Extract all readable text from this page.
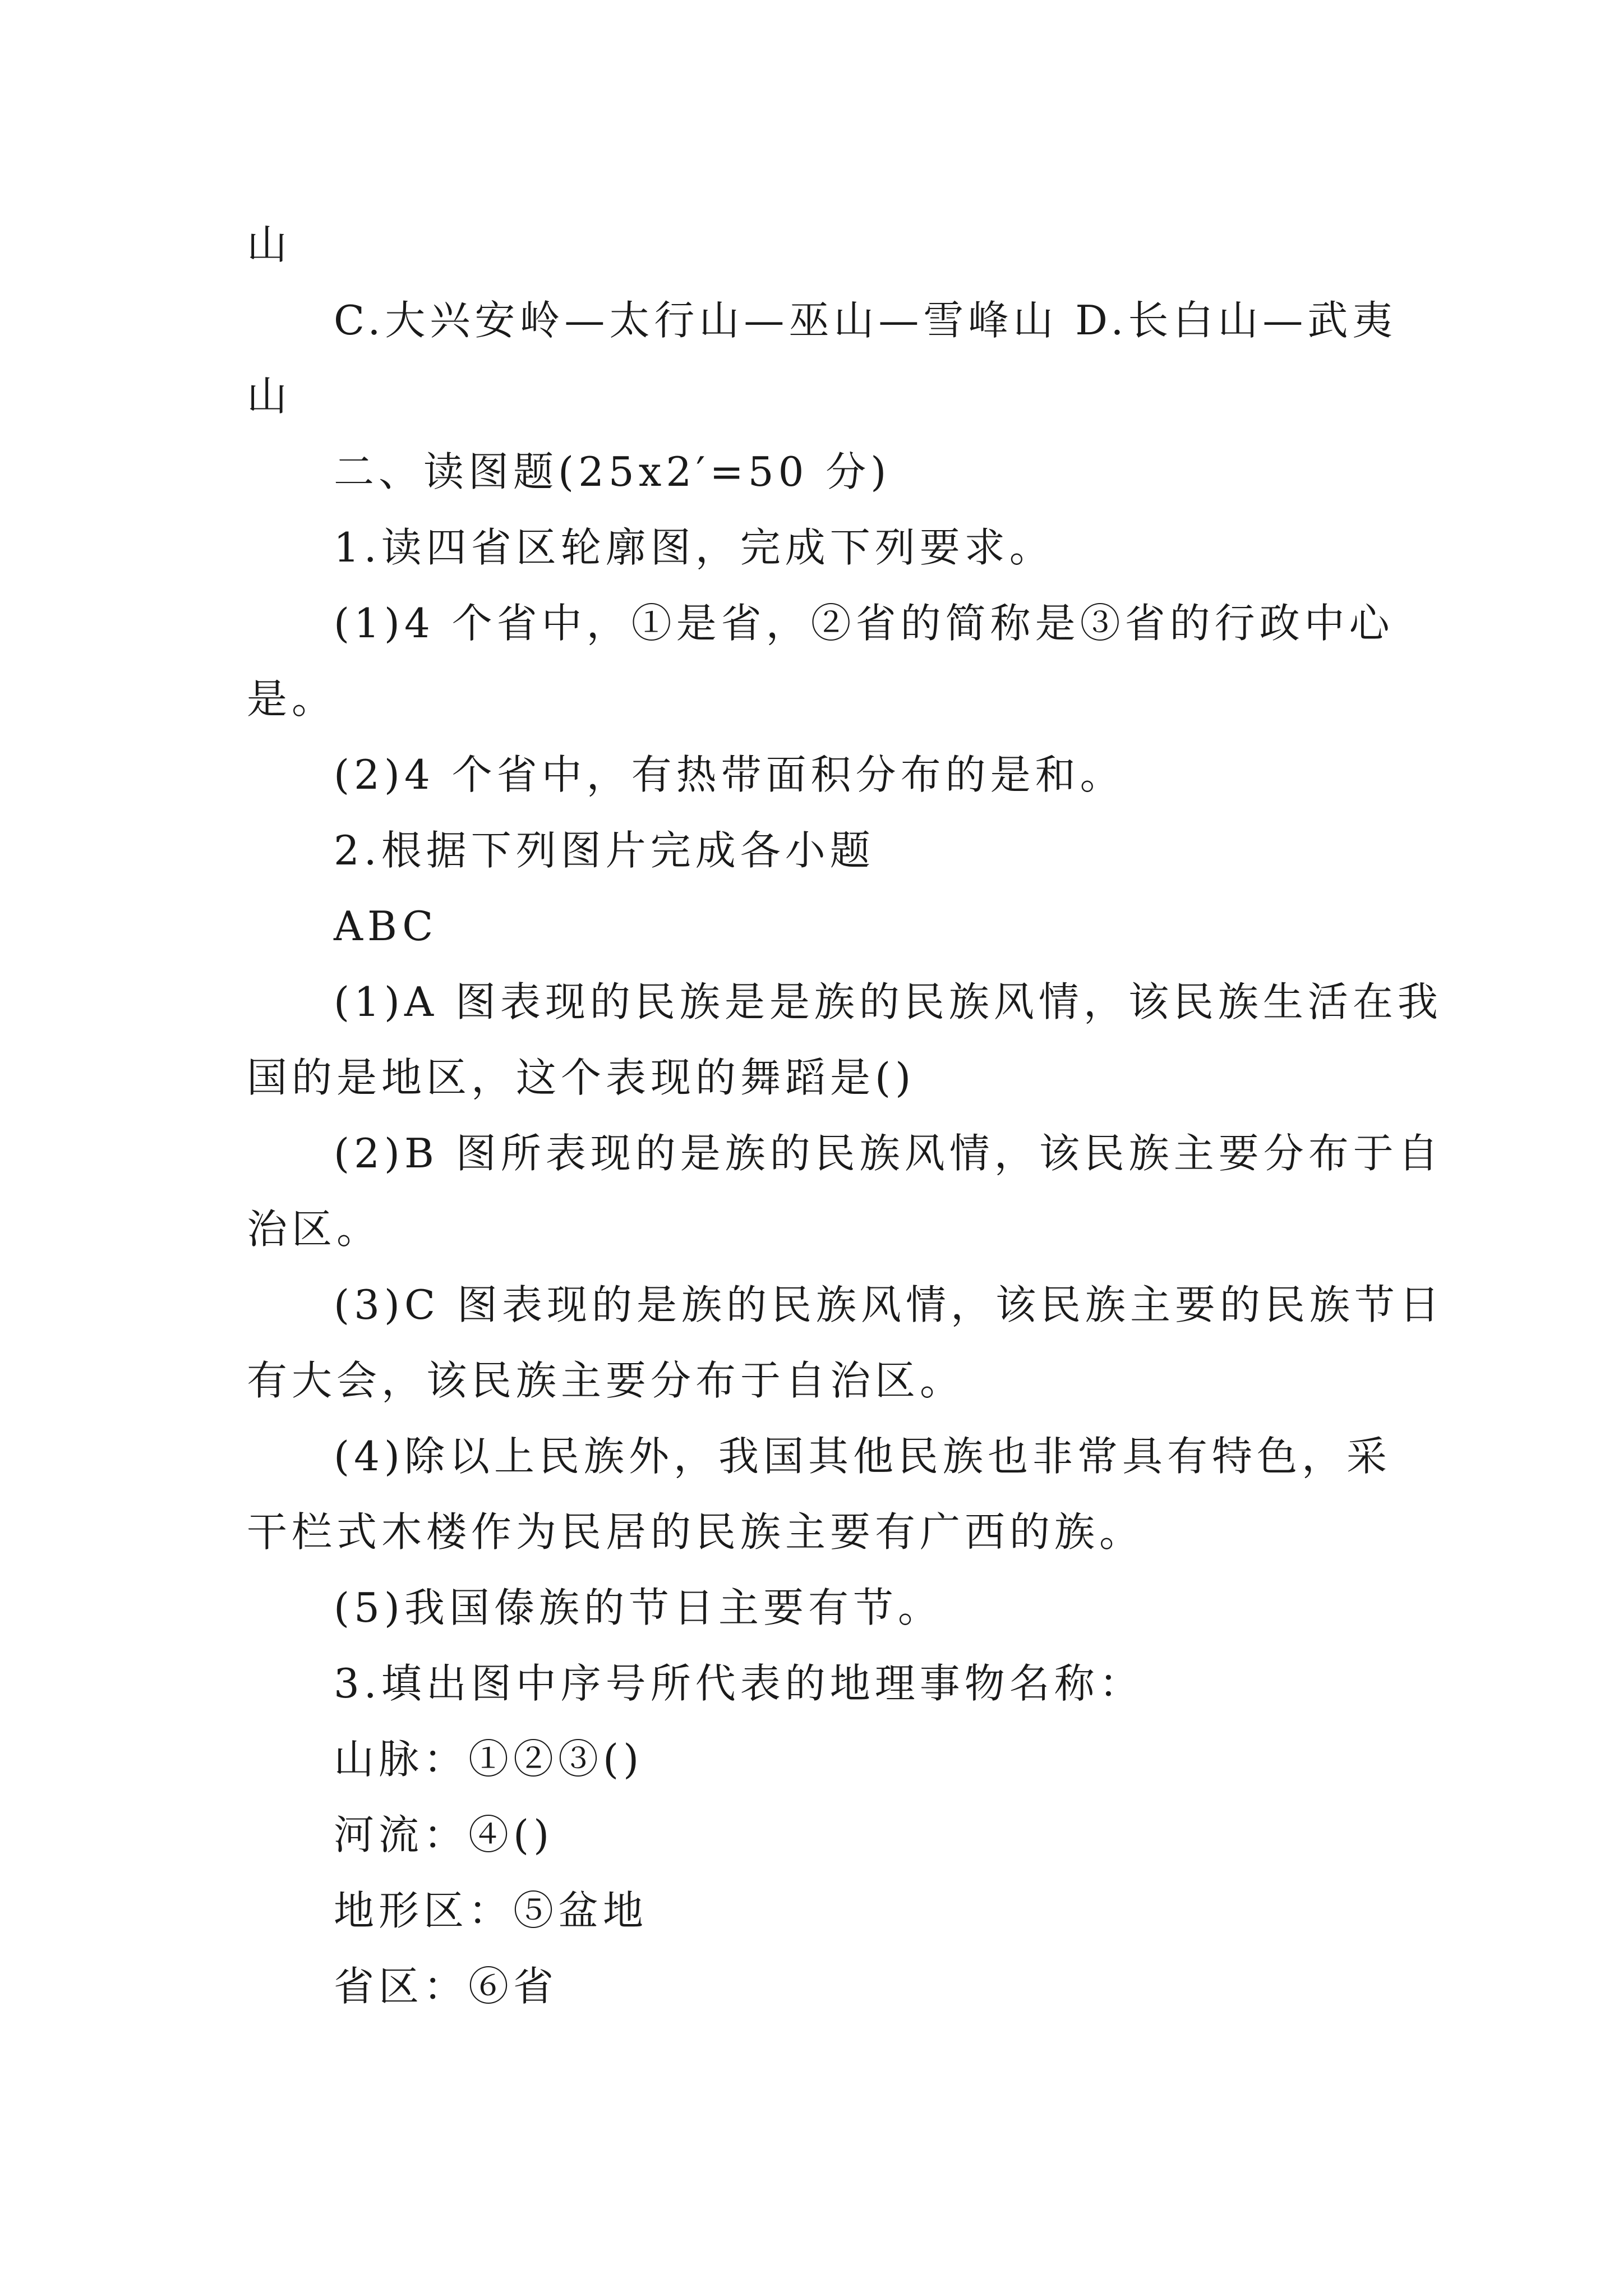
山
C.大兴安岭—太行山—巫山—雪峰山 D.长白山—武夷
山
二、读图题(25x2′=50 分)
1.读四省区轮廓图，完成下列要求。
(1)4 个省中，①是省，②省的简称是③省的行政中心
是。
(2)4 个省中，有热带面积分布的是和。
2.根据下列图片完成各小题
ABC
(1)A 图表现的民族是是族的民族风情，该民族生活在我
国的是地区，这个表现的舞蹈是()
(2)B 图所表现的是族的民族风情，该民族主要分布于自
治区。
(3)C 图表现的是族的民族风情，该民族主要的民族节日
有大会，该民族主要分布于自治区。
(4)除以上民族外，我国其他民族也非常具有特色，采
干栏式木楼作为民居的民族主要有广西的族。
(5)我国傣族的节日主要有节。
3.填出图中序号所代表的地理事物名称：
山脉：①②③()
河流：④()
地形区：⑤盆地
省区：⑥省
